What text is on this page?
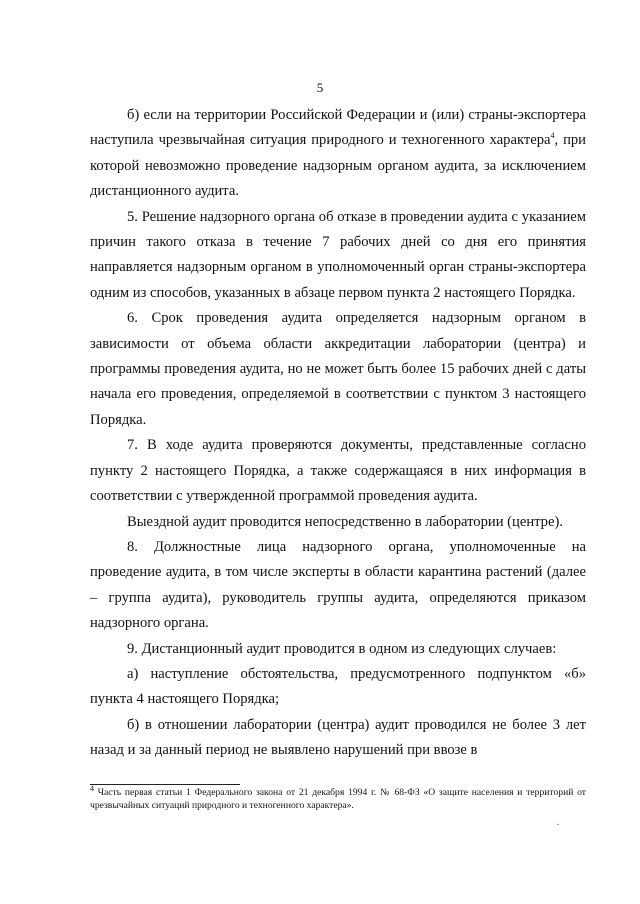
5

б) если на территории Российской Федерации и (или) страны-экспортера наступила чрезвычайная ситуация природного и техногенного характера$^4$, при которой невозможно проведение надзорным органом аудита, за исключением дистанционного аудита.

5. Решение надзорного органа об отказе в проведении аудита с указанием причин такого отказа в течение 7 рабочих дней со дня его принятия направляется надзорным органом в уполномоченный орган страны-экспортера одним из способов, указанных в абзаце первом пункта 2 настоящего Порядка.

6. Срок проведения аудита определяется надзорным органом в зависимости от объема области аккредитации лаборатории (центра) и программы проведения аудита, но не может быть более 15 рабочих дней с даты начала его проведения, определяемой в соответствии с пунктом 3 настоящего Порядка.

7. В ходе аудита проверяются документы, представленные согласно пункту 2 настоящего Порядка, а также содержащаяся в них информация в соответствии с утвержденной программой проведения аудита.

Выездной аудит проводится непосредственно в лаборатории (центре).

8. Должностные лица надзорного органа, уполномоченные на проведение аудита, в том числе эксперты в области карантина растений (далее – группа аудита), руководитель группы аудита, определяются приказом надзорного органа.

9. Дистанционный аудит проводится в одном из следующих случаев:

а) наступление обстоятельства, предусмотренного подпунктом «б» пункта 4 настоящего Порядка;

б) в отношении лаборатории (центра) аудит проводился не более 3 лет назад и за данный период не выявлено нарушений при ввозе в

$^4$ Часть первая статьи 1 Федерального закона от 21 декабря 1994 г. № 68-ФЗ «О защите населения и территорий от чрезвычайных ситуаций природного и техногенного характера».

·
